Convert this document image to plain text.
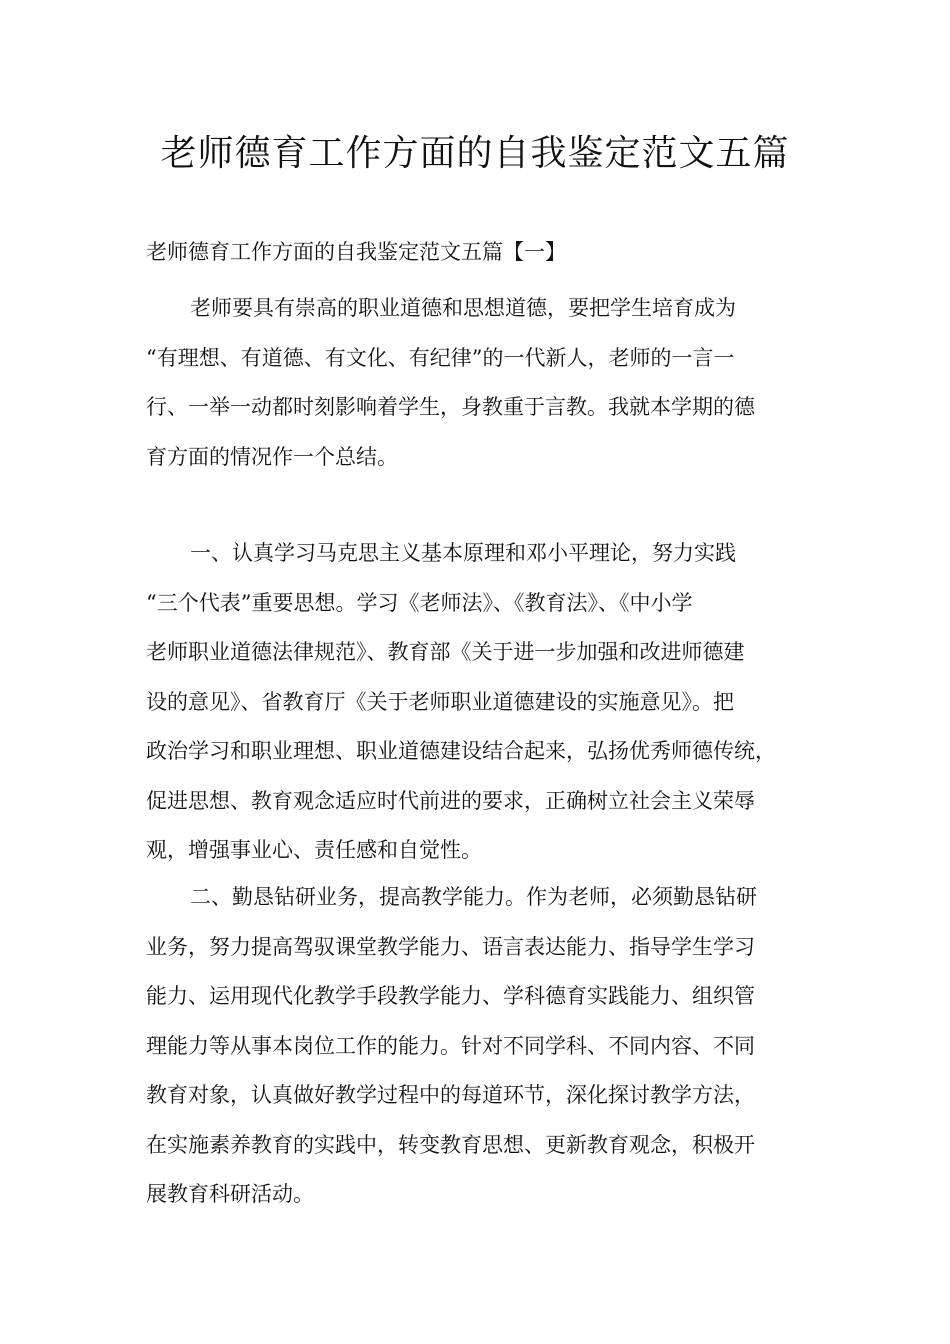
老师德育工作方面的自我鉴定范文五篇
老师德育工作方面的自我鉴定范文五篇【一】
老师要具有崇高的职业道德和思想道德，要把学生培育成为
“有理想、有道德、有文化、有纪律”的一代新人，老师的一言一
行、一举一动都时刻影响着学生，身教重于言教。我就本学期的德
育方面的情况作一个总结。
一、认真学习马克思主义基本原理和邓小平理论，努力实践
“三个代表”重要思想。学习《老师法》、《教育法》、《中小学
老师职业道德法律规范》、教育部《关于进一步加强和改进师德建
设的意见》、省教育厅《关于老师职业道德建设的实施意见》。把
政治学习和职业理想、职业道德建设结合起来，弘扬优秀师德传统，
促进思想、教育观念适应时代前进的要求，正确树立社会主义荣辱
观，增强事业心、责任感和自觉性。
二、勤恳钻研业务，提高教学能力。作为老师，必须勤恳钻研
业务，努力提高驾驭课堂教学能力、语言表达能力、指导学生学习
能力、运用现代化教学手段教学能力、学科德育实践能力、组织管
理能力等从事本岗位工作的能力。针对不同学科、不同内容、不同
教育对象，认真做好教学过程中的每道环节，深化探讨教学方法，
在实施素养教育的实践中，转变教育思想、更新教育观念，积极开
展教育科研活动。
